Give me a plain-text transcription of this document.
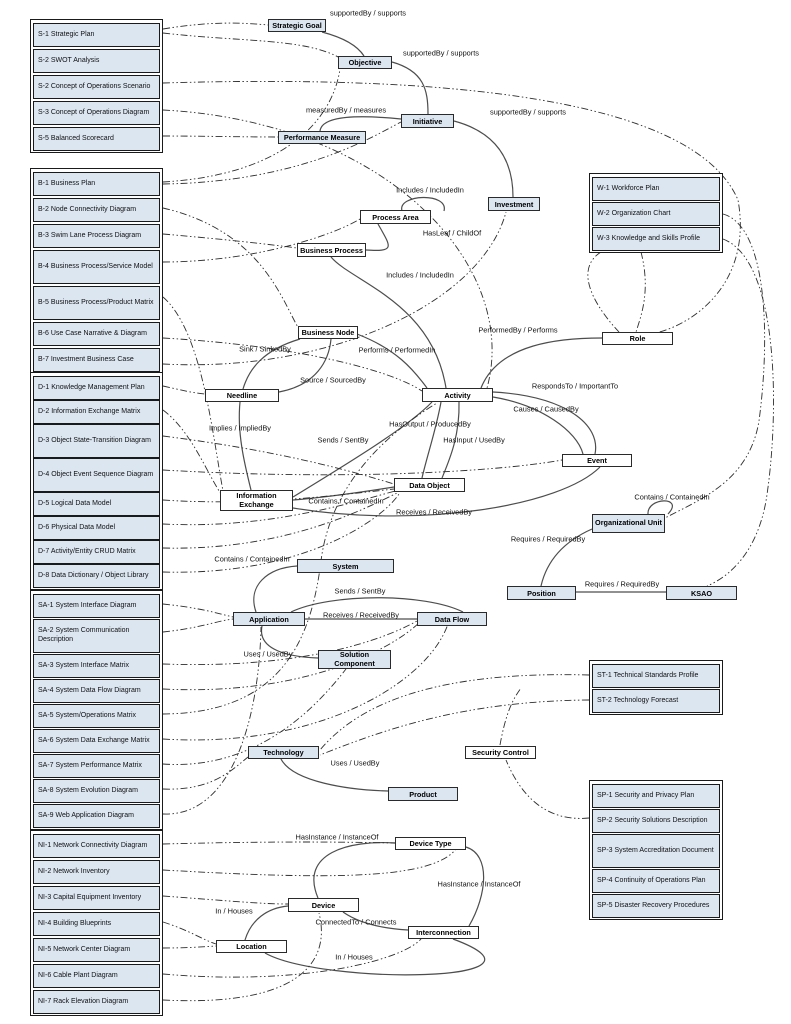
S-1 Strategic Plan
S-2 SWOT Analysis
S-2 Concept of Operations Scenario
S-3 Concept of Operations Diagram
S-5 Balanced Scorecard
B-1 Business Plan
B-2 Node Connectivity Diagram
B-3 Swim Lane Process Diagram
B-4 Business Process/Service Model
B-5 Business Process/Product Matrix
B-6 Use Case Narrative & Diagram
B-7 Investment Business Case
D-1 Knowledge Management Plan
D-2 Information Exchange Matrix
D-3 Object State-Transition Diagram
D-4 Object Event Sequence Diagram
D-5 Logical Data Model
D-6 Physical Data Model
D-7 Activity/Entity CRUD Matrix
D-8 Data Dictionary / Object Library
SA-1 System Interface Diagram
SA-2 System Communication Description
SA-3 System Interface Matrix
SA-4 System Data Flow Diagram
SA-5 System/Operations Matrix
SA-6 System Data Exchange Matrix
SA-7 System Performance Matrix
SA-8 System Evolution Diagram
SA-9 Web Application Diagram
NI-1 Network Connectivity Diagram
NI-2 Network Inventory
NI-3 Capital Equipment Inventory
NI-4 Building Blueprints
NI-5 Network Center Diagram
NI-6 Cable Plant Diagram
NI-7 Rack Elevation Diagram
W-1 Workforce Plan
W-2 Organization Chart
W-3 Knowledge and Skills Profile
ST-1 Technical Standards Profile
ST-2 Technology Forecast
SP-1 Security and Privacy Plan
SP-2 Security Solutions Description
SP-3 System Accreditation Document
SP-4 Continuity of Operations Plan
SP-5 Disaster Recovery Procedures
Strategic Goal
Objective
Initiative
Performance Measure
Investment
Process Area
Business Process
Business Node
Needline	Activity
Role
Event
Data Object
Information Exchange
Organizational Unit
Position	KSAO
System
Application	Data Flow
Solution Component
Technology	Security Control
Product
Device Type
Device
Interconnection
Location
supportedBy / supports
supportedBy / supports
supportedBy / supports
measuredBy / measures
Includes / IncludedIn
HasLeaf / ChildOf
Includes / IncludedIn
Performs / PerformedIn
Sink / SinkedBy
Source / SourcedBy
PerformedBy / Performs
RespondsTo / ImportantTo
Causes / CausedBy
HasOutput / ProducedBy
HasInput / UsedBy
Implies / ImpliedBy
Sends / SentBy
Contains / ContainedIn
Receives / ReceivedBy
Contains / ContainedIn
Requires / RequiredBy
Requires / RequiredBy
Contains / ContainedIn
Sends / SentBy
Receives / ReceivedBy
Uses / UsedBy
Uses / UsedBy
HasInstance / InstanceOf
HasInstance / InstanceOf
In / Houses
ConnectedTo / Connects
In / Houses
